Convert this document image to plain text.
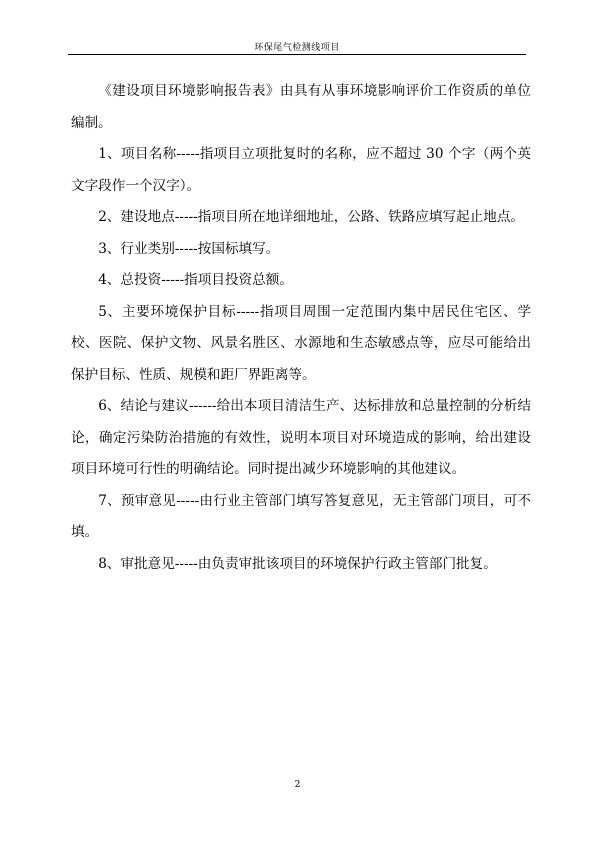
环保尾气检测线项目

《建设项目环境影响报告表》由具有从事环境影响评价工作资质的单位编制。

1、项目名称-----指项目立项批复时的名称，应不超过 30 个字（两个英文字段作一个汉字）。

2、建设地点-----指项目所在地详细地址，公路、铁路应填写起止地点。

3、行业类别-----按国标填写。

4、总投资-----指项目投资总额。

5、主要环境保护目标-----指项目周围一定范围内集中居民住宅区、学校、医院、保护文物、风景名胜区、水源地和生态敏感点等，应尽可能给出保护目标、性质、规模和距厂界距离等。

6、结论与建议------给出本项目清洁生产、达标排放和总量控制的分析结论，确定污染防治措施的有效性，说明本项目对环境造成的影响，给出建设项目环境可行性的明确结论。同时提出减少环境影响的其他建议。

7、预审意见-----由行业主管部门填写答复意见，无主管部门项目，可不填。

8、审批意见-----由负责审批该项目的环境保护行政主管部门批复。

2
